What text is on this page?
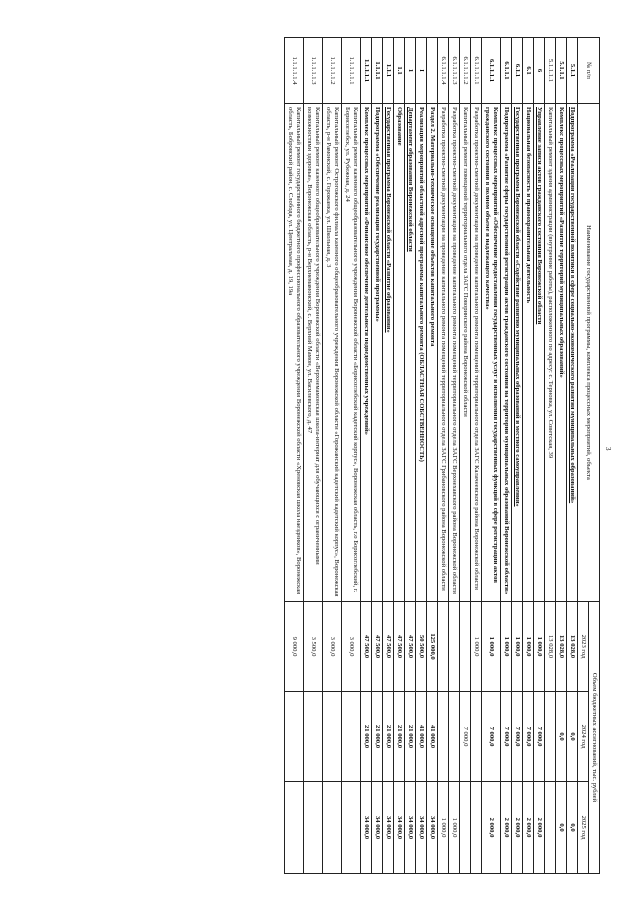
3
№ п/п	Наименование государственной программы, комплекса процессных мероприятий, объекта	Объем бюджетных ассигнований, тыс. рублей		
		2023 год	2024 год	2025 год
5.1.1	Подпрограмма «Реализация государственной политики в сфере социально-экономического развития муниципальных образований»	13 028,0	0,0	0,0
5.1.1.1	Комплекс процессных мероприятий «Развитие территорий муниципальных образований»	13 028,0	0,0	0,0
5.1.1.1.1	Капитальный ремонт здания администрации (внутренние работы), расположенного по адресу: с. Терновка, ул. Советская, 39	13 028,0		
6	Управление записи актов гражданского состояния Воронежской области	1 000,0	7 000,0	2 000,0
6.1	Национальная безопасность и правоохранительная деятельность	1 000,0	7 000,0	2 000,0
6.1.1	Государственная программа Воронежской области «Содействие развитию муниципальных образований и местного самоуправления»	1 000,0	7 000,0	2 000,0
6.1.1.1	Подпрограмма «Развитие сферы государственной регистрации актов гражданского состояния на территории муниципальных образований Воронежской области»	1 000,0	7 000,0	2 000,0
6.1.1.1.1	Комплекс процессных мероприятий «Обеспечение предоставления государственных услуг и исполнения государственных функций в сфере регистрации актов гражданского состояния в полном объеме и надлежащего качества»	1 000,0	7 000,0	2 000,0
6.1.1.1.1.1	Разработка проектно-сметной документации на проведение капитального ремонта помещений территориального отдела ЗАГС Калачеевского района Воронежской области	1 000,0		
6.1.1.1.1.2	Капитальный ремонт помещений территориального отдела ЗАГС Поворинского района Воронежской области		7 000,0	
6.1.1.1.1.3	Разработка проектно-сметной документации на проведение капитального ремонта помещений территориального отдела ЗАГС Верхнехавского района Воронежской области			1 000,0
6.1.1.1.1.4	Разработка проектно-сметной документации на проведение капитального ремонта помещений территориального отдела ЗАГС Грибановского района Воронежской области			1 000,0
	Раздел 2. Материально-техническое оснащение объектов капитального ремонта	125 000,0	41 000,0	34 000,0
I	Реализация мероприятий областной адресной программы капитального ремонта (ОБЛАСТНАЯ СОБСТВЕННОСТЬ)	50 500,0	41 000,0	34 000,0
1	Департамент образования Воронежской области	47 500,0	21 000,0	34 000,0
1.1	Образование	47 500,0	21 000,0	34 000,0
1.1.1	Государственная программа Воронежской области «Развитие образования»	47 500,0	21 000,0	34 000,0
1.1.1.1	Подпрограмма «Обеспечение реализации государственной программы»	47 500,0	21 000,0	34 000,0
1.1.1.1.1	Комплекс процессных мероприятий «Финансовое обеспечение деятельности подведомственных учреждений»	47 500,0	21 000,0	34 000,0
1.1.1.1.1.1	Капитальный ремонт казенного общеобразовательного учреждения Воронежской области «Борисоглебский кадетский корпус», Воронежская область, г.о Борисоглебский, г. Борисоглебск, ул. Рубежная, д. 24	3 000,0		
1.1.1.1.1.2	Капитальный ремонт Острогожского филиала казенного общеобразовательного учреждения Воронежской области «Горожанский кадетский кадетский корпус», Воронежская область, р-н Рамонский, с. Горожанка, ул. Школьная, д. 3	3 000,0		
1.1.1.1.1.3	Капитальный ремонт казенного общеобразовательного учреждения Воронежской области «Верхнемамонская школа-интернат для обучающихся с ограниченными возможностями здоровья», Воронежская область, р-н Верхнемамонский, с. Верхний Мамон, ул. Василевского, д. 47	3 500,0		
1.1.1.1.1.4	Капитальный ремонт государственного бюджетного профессионального образовательного учреждения Воронежской области «Хреновская школа наездников», Воронежская область, Бобровский район, с. Слобода, ул. Центральная, д. 19, 19а	9 000,0		
